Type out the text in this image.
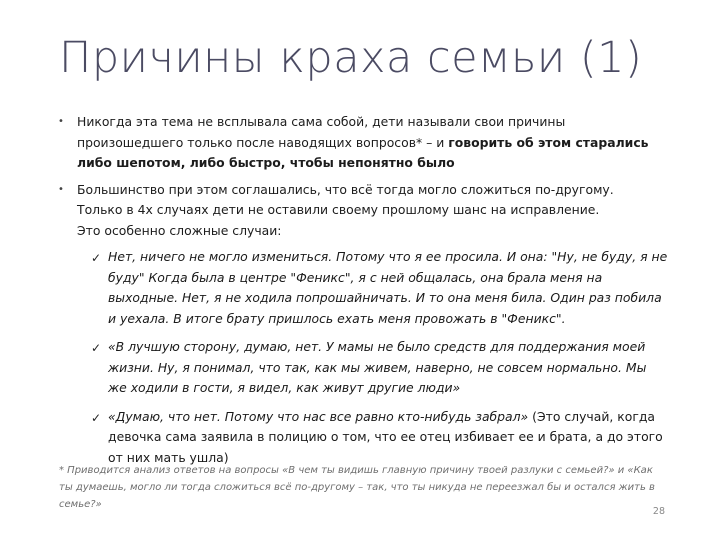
Причины краха семьи (1)
• Никогда эта тема не всплывала сама собой, дети называли свои причины произошедшего только после наводящих вопросов* – и говорить об этом старались либо шепотом, либо быстро, чтобы непонятно было
• Большинство при этом соглашались, что всё тогда могло сложиться по-другому.
Только в 4х случаях дети не оставили своему прошлому шанс на исправление.
Это особенно сложные случаи:
✓ Нет, ничего не могло измениться. Потому что я ее просила. И она: "Ну, не буду, я не буду" Когда была в центре "Феникс", я с ней общалась, она брала меня на выходные. Нет, я не ходила попрошайничать. И то она меня била. Один раз побила и уехала. В итоге брату пришлось ехать меня провожать в "Феникс".
✓ «В лучшую сторону, думаю, нет. У мамы не было средств для поддержания моей жизни. Ну, я понимал, что так, как мы живем, наверно, не совсем нормально. Мы же ходили в гости, я видел, как живут другие люди»
✓ «Думаю, что нет. Потому что нас все равно кто-нибудь забрал» (Это случай, когда девочка сама заявила в полицию о том, что ее отец избивает ее и брата, а до этого от них мать ушла)
* Приводится анализ ответов на вопросы «В чем ты видишь главную причину твоей разлуки с семьей?» и «Как ты думаешь, могло ли тогда сложиться всё по-другому – так, что ты никуда не переезжал бы и остался жить в семье?»
28
